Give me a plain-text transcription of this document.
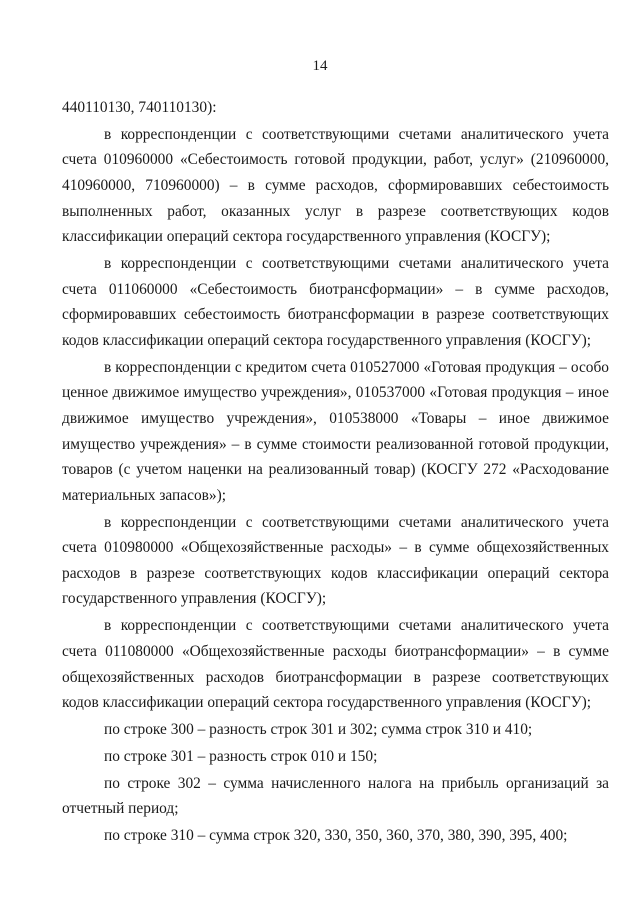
14

440110130, 740110130):

в корреспонденции с соответствующими счетами аналитического учета счета 010960000 «Себестоимость готовой продукции, работ, услуг» (210960000, 410960000, 710960000) – в сумме расходов, сформировавших себестоимость выполненных работ, оказанных услуг в разрезе соответствующих кодов классификации операций сектора государственного управления (КОСГУ);

в корреспонденции с соответствующими счетами аналитического учета счета 011060000 «Себестоимость биотрансформации» – в сумме расходов, сформировавших себестоимость биотрансформации в разрезе соответствующих кодов классификации операций сектора государственного управления (КОСГУ);

в корреспонденции с кредитом счета 010527000 «Готовая продукция – особо ценное движимое имущество учреждения», 010537000 «Готовая продукция – иное движимое имущество учреждения», 010538000 «Товары – иное движимое имущество учреждения» – в сумме стоимости реализованной готовой продукции, товаров (с учетом наценки на реализованный товар) (КОСГУ 272 «Расходование материальных запасов»);

в корреспонденции с соответствующими счетами аналитического учета счета 010980000 «Общехозяйственные расходы» – в сумме общехозяйственных расходов в разрезе соответствующих кодов классификации операций сектора государственного управления (КОСГУ);

в корреспонденции с соответствующими счетами аналитического учета счета 011080000 «Общехозяйственные расходы биотрансформации» – в сумме общехозяйственных расходов биотрансформации в разрезе соответствующих кодов классификации операций сектора государственного управления (КОСГУ);

по строке 300 – разность строк 301 и 302; сумма строк 310 и 410;

по строке 301 – разность строк 010 и 150;

по строке 302 – сумма начисленного налога на прибыль организаций за отчетный период;

по строке 310 – сумма строк 320, 330, 350, 360, 370, 380, 390, 395, 400;
